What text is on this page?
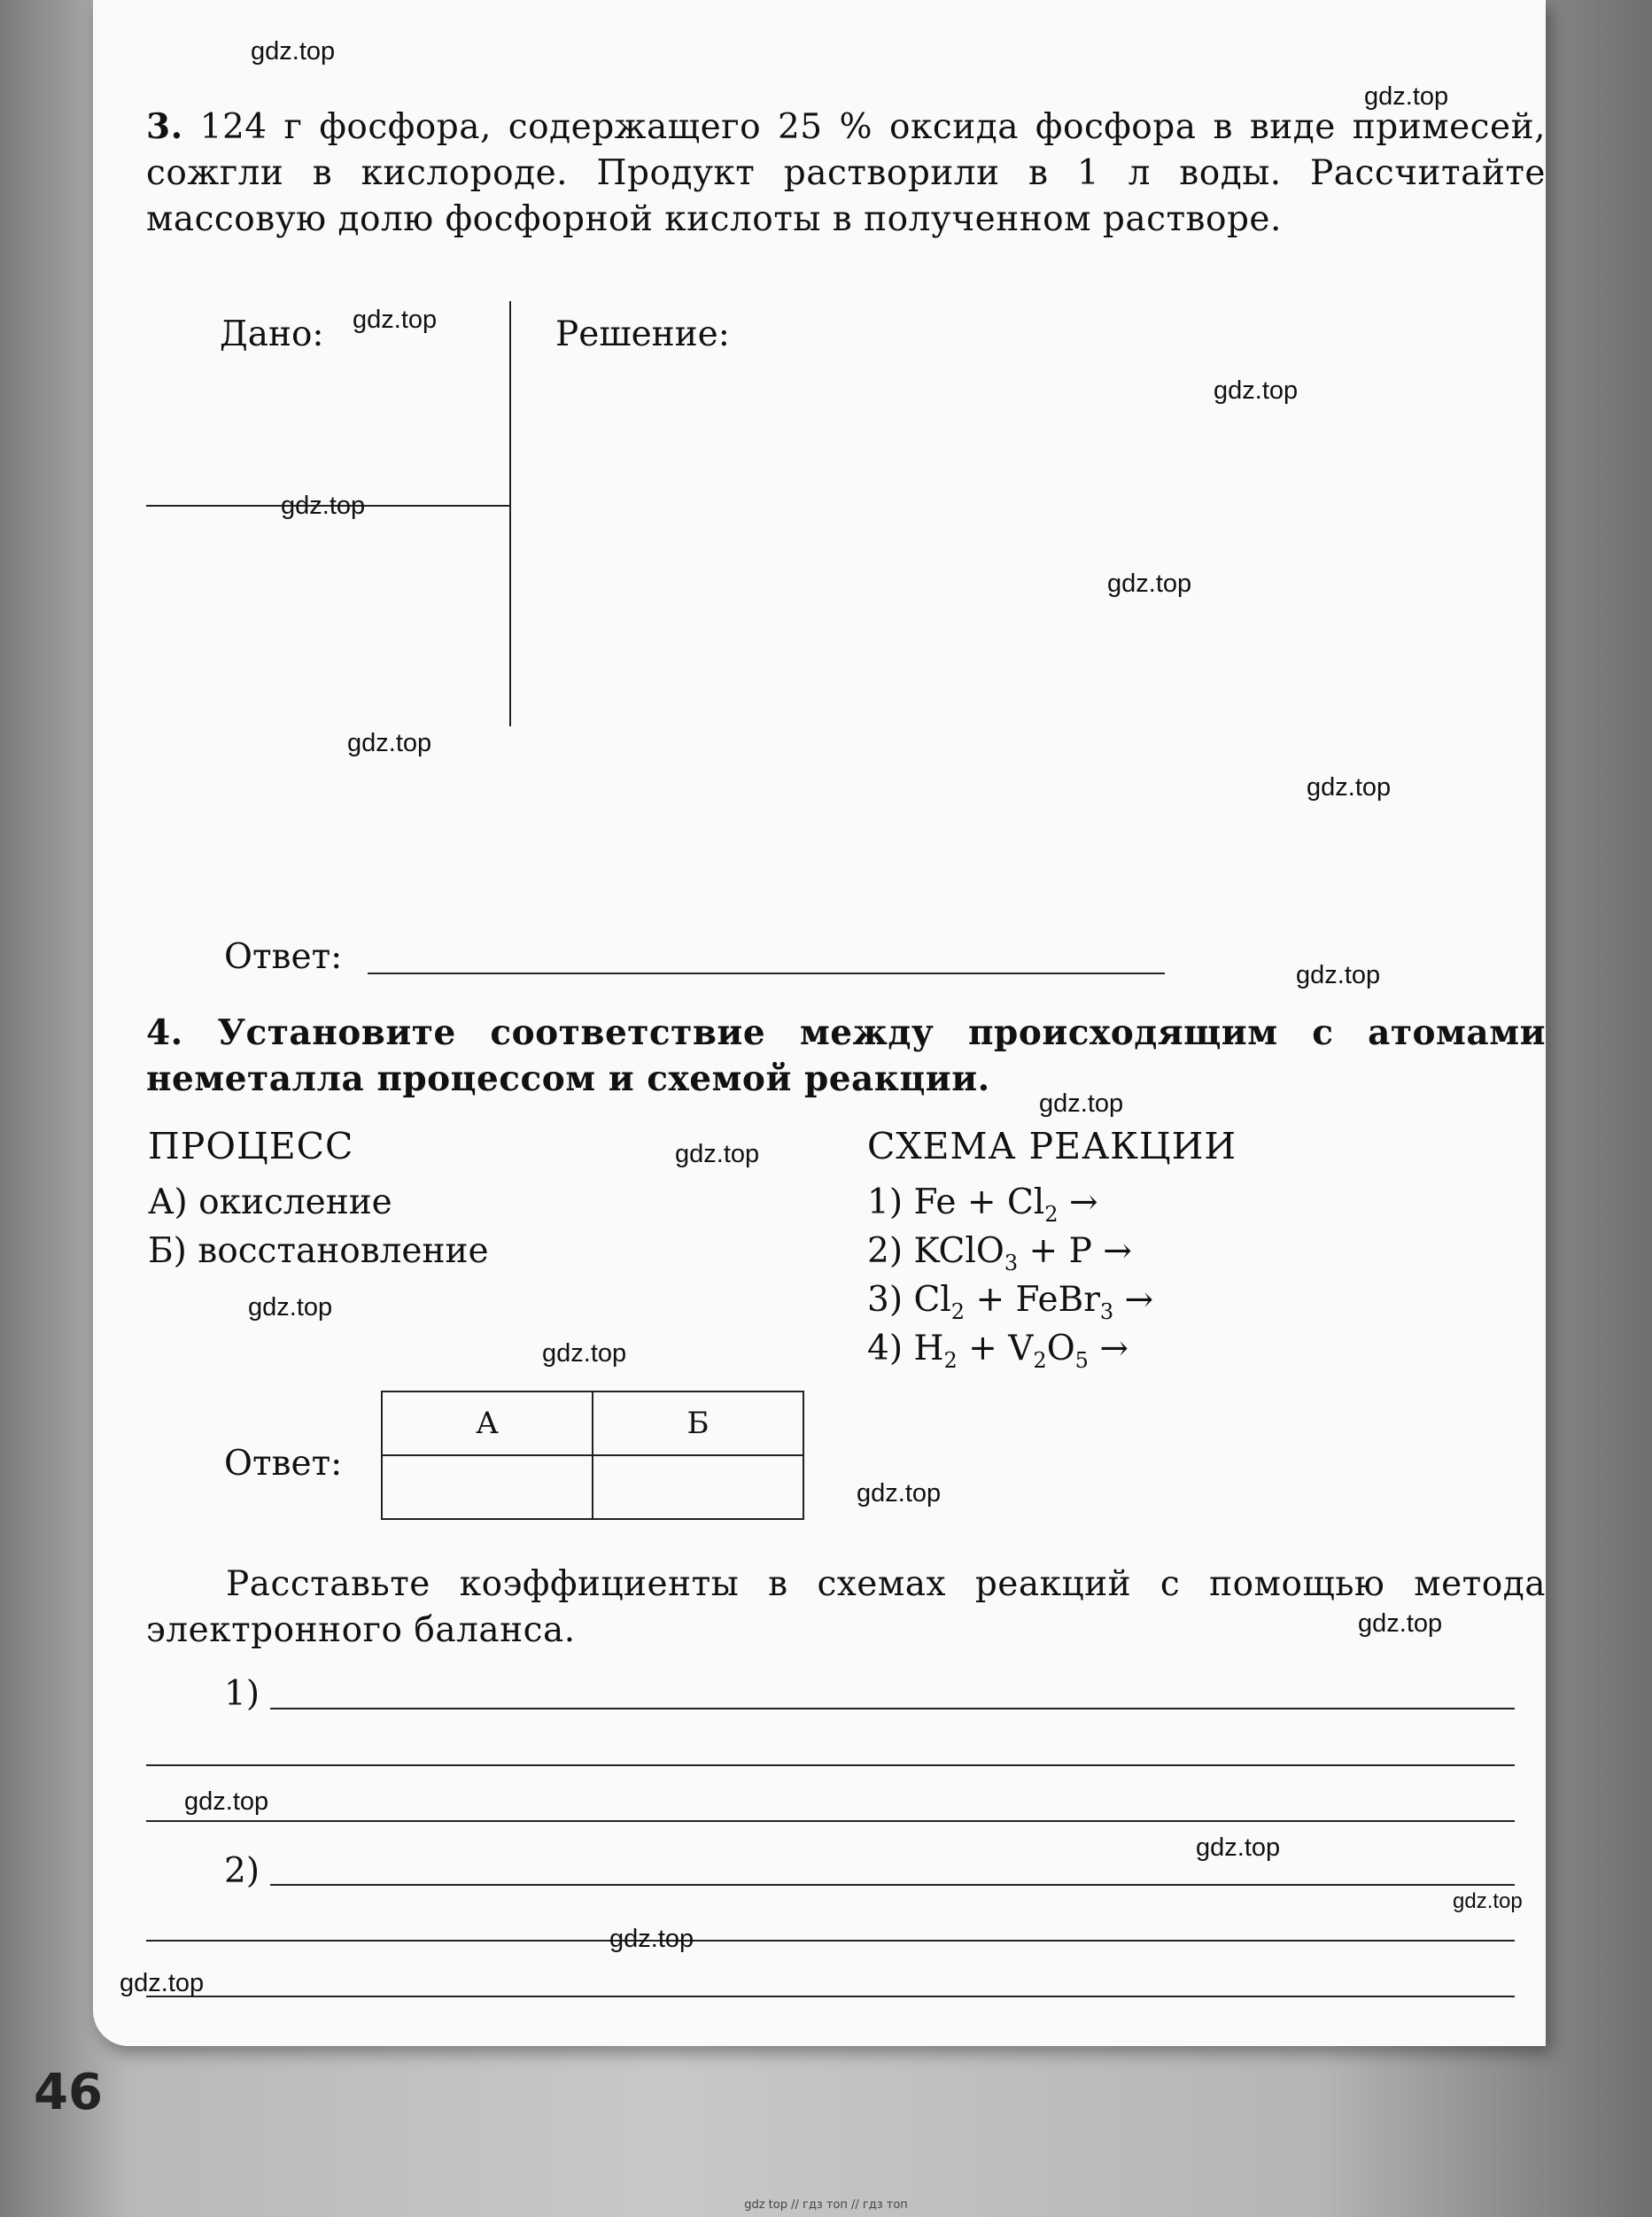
3. 124 г фосфора, содержащего 25 % оксида фосфора в виде примесей, сожгли в кислороде. Продукт растворили в 1 л воды. Рассчитайте массовую долю фосфорной кислоты в полученном растворе.
Дано:	Решение:
Ответ:
4. Установите соответствие между происходящим с атомами неметалла процессом и схемой реакции.
ПРОЦЕСС	СХЕМА РЕАКЦИИ
А) окисление
Б) восстановление
1) $Fe + Cl_2$ →
2) KClO$_3$ + P →
3) $Cl_2$ + FeBr$_3$ →
4) $H_2 + V_2O_5$ →
Ответ:
А	Б

Расставьте коэффициенты в схемах реакций с помощью метода электронного баланса.
1)
2)
46
gdz.top
gdz.top
gdz.top
gdz.top
gdz.top
gdz.top
gdz.top
gdz.top
gdz.top
gdz.top
gdz.top
gdz.top
gdz.top
gdz.top
gdz.top
gdz.top
gdz.top
gdz.top
gdz.top
gdz.top
gdz top // гдз топ // гдз топ
